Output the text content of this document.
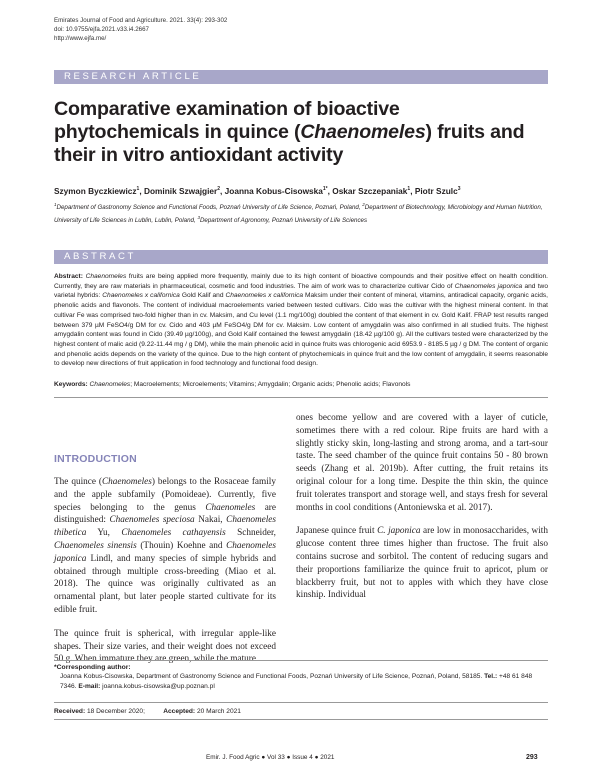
Emirates Journal of Food and Agriculture. 2021. 33(4): 293-302
doi: 10.9755/ejfa.2021.v33.i4.2667
http://www.ejfa.me/
RESEARCH ARTICLE
Comparative examination of bioactive phytochemicals in quince (Chaenomeles) fruits and their in vitro antioxidant activity
Szymon Byczkiewicz$^1$, Dominik Szwajgier$^2$, Joanna Kobus-Cisowska$^{1*}$, Oskar Szczepaniak$^1$, Piotr Szulc$^3$
$^1$Department of Gastronomy Science and Functional Foods, Poznań University of Life Science, Poznań, Poland, $^2$Department of Biotechnology, Microbiology and Human Nutrition, University of Life Sciences in Lublin, Lublin, Poland, $^3$Department of Agronomy, Poznań University of Life Sciences
ABSTRACT
Abstract: Chaenomeles fruits are being applied more frequently, mainly due to its high content of bioactive compounds and their positive effect on health condition. Currently, they are raw materials in pharmaceutical, cosmetic and food industries. The aim of work was to characterize cultivar Cido of Chaenomeles japonica and two varietal hybrids: Chaenomeles x californica Gold Kalif and Chaenomeles x californica Maksim under their content of mineral, vitamins, antiradical capacity, organic acids, phenolic acids and flavonols. The content of individual macroelements varied between tested cultivars. Cido was the cultivar with the highest mineral content. In that cultivar Fe was comprised two-fold higher than in cv. Maksim, and Cu level (1.1 mg/100g) doubled the content of that element in cv. Gold Kalif. FRAP test results ranged between 379 µM FeSO4/g DM for cv. Cido and 403 µM FeSO4/g DM for cv. Maksim. Low content of amygdalin was also confirmed in all studied fruits. The highest amygdalin content was found in Cido (39.49 µg/100g), and Gold Kalif contained the fewest amygdalin (18.42 µg/100 g). All the cultivars tested were characterized by the highest content of malic acid (9.22-11.44 mg / g DM), while the main phenolic acid in quince fruits was chlorogenic acid 6953.9 - 8185.5 µg / g DM. The content of organic and phenolic acids depends on the variety of the quince. Due to the high content of phytochemicals in quince fruit and the low content of amygdalin, it seems reasonable to develop new directions of fruit application in food technology and functional food design.
Keywords: Chaenomeles; Macroelements; Microelements; Vitamins; Amygdalin; Organic acids; Phenolic acids; Flavonols
INTRODUCTION

The quince (Chaenomeles) belongs to the Rosaceae family and the apple subfamily (Pomoideae). Currently, five species belonging to the genus Chaenomeles are distinguished: Chaenomeles speciosa Nakai, Chaenomeles thibetica Yu, Chaenomeles cathayensis Schneider, Chaenomeles sinensis (Thouin) Koehne and Chaenomeles japonica Lindl, and many species of simple hybrids and obtained through multiple cross-breeding (Miao et al. 2018). The quince was originally cultivated as an ornamental plant, but later people started cultivate for its edible fruit.

The quince fruit is spherical, with irregular apple-like shapes. Their size varies, and their weight does not exceed 50 g. When immature they are green, while the mature

ones become yellow and are covered with a layer of cuticle, sometimes there with a red colour. Ripe fruits are hard with a slightly sticky skin, long-lasting and strong aroma, and a tart-sour taste. The seed chamber of the quince fruit contains 50 - 80 brown seeds (Zhang et al. 2019b). After cutting, the fruit retains its original colour for a long time. Despite the thin skin, the quince fruit tolerates transport and storage well, and stays fresh for several months in cool conditions (Antoniewska et al. 2017).

Japanese quince fruit C. japonica are low in monosaccharides, with glucose content three times higher than fructose. The fruit also contains sucrose and sorbitol. The content of reducing sugars and their proportions familiarize the quince fruit to apricot, plum or blackberry fruit, but not to apples with which they have close kinship. Individual

*Corresponding author:
Joanna Kobus-Cisowska, Department of Gastronomy Science and Functional Foods, Poznań University of Life Science, Poznań, Poland, 58185. Tel.: +48 61 848 7346. E-mail: joanna.kobus-cisowska@up.poznan.pl
Received: 18 December 2020;	Accepted: 20 March 2021
Emir. J. Food Agric ● Vol 33 ● Issue 4 ● 2021	293
